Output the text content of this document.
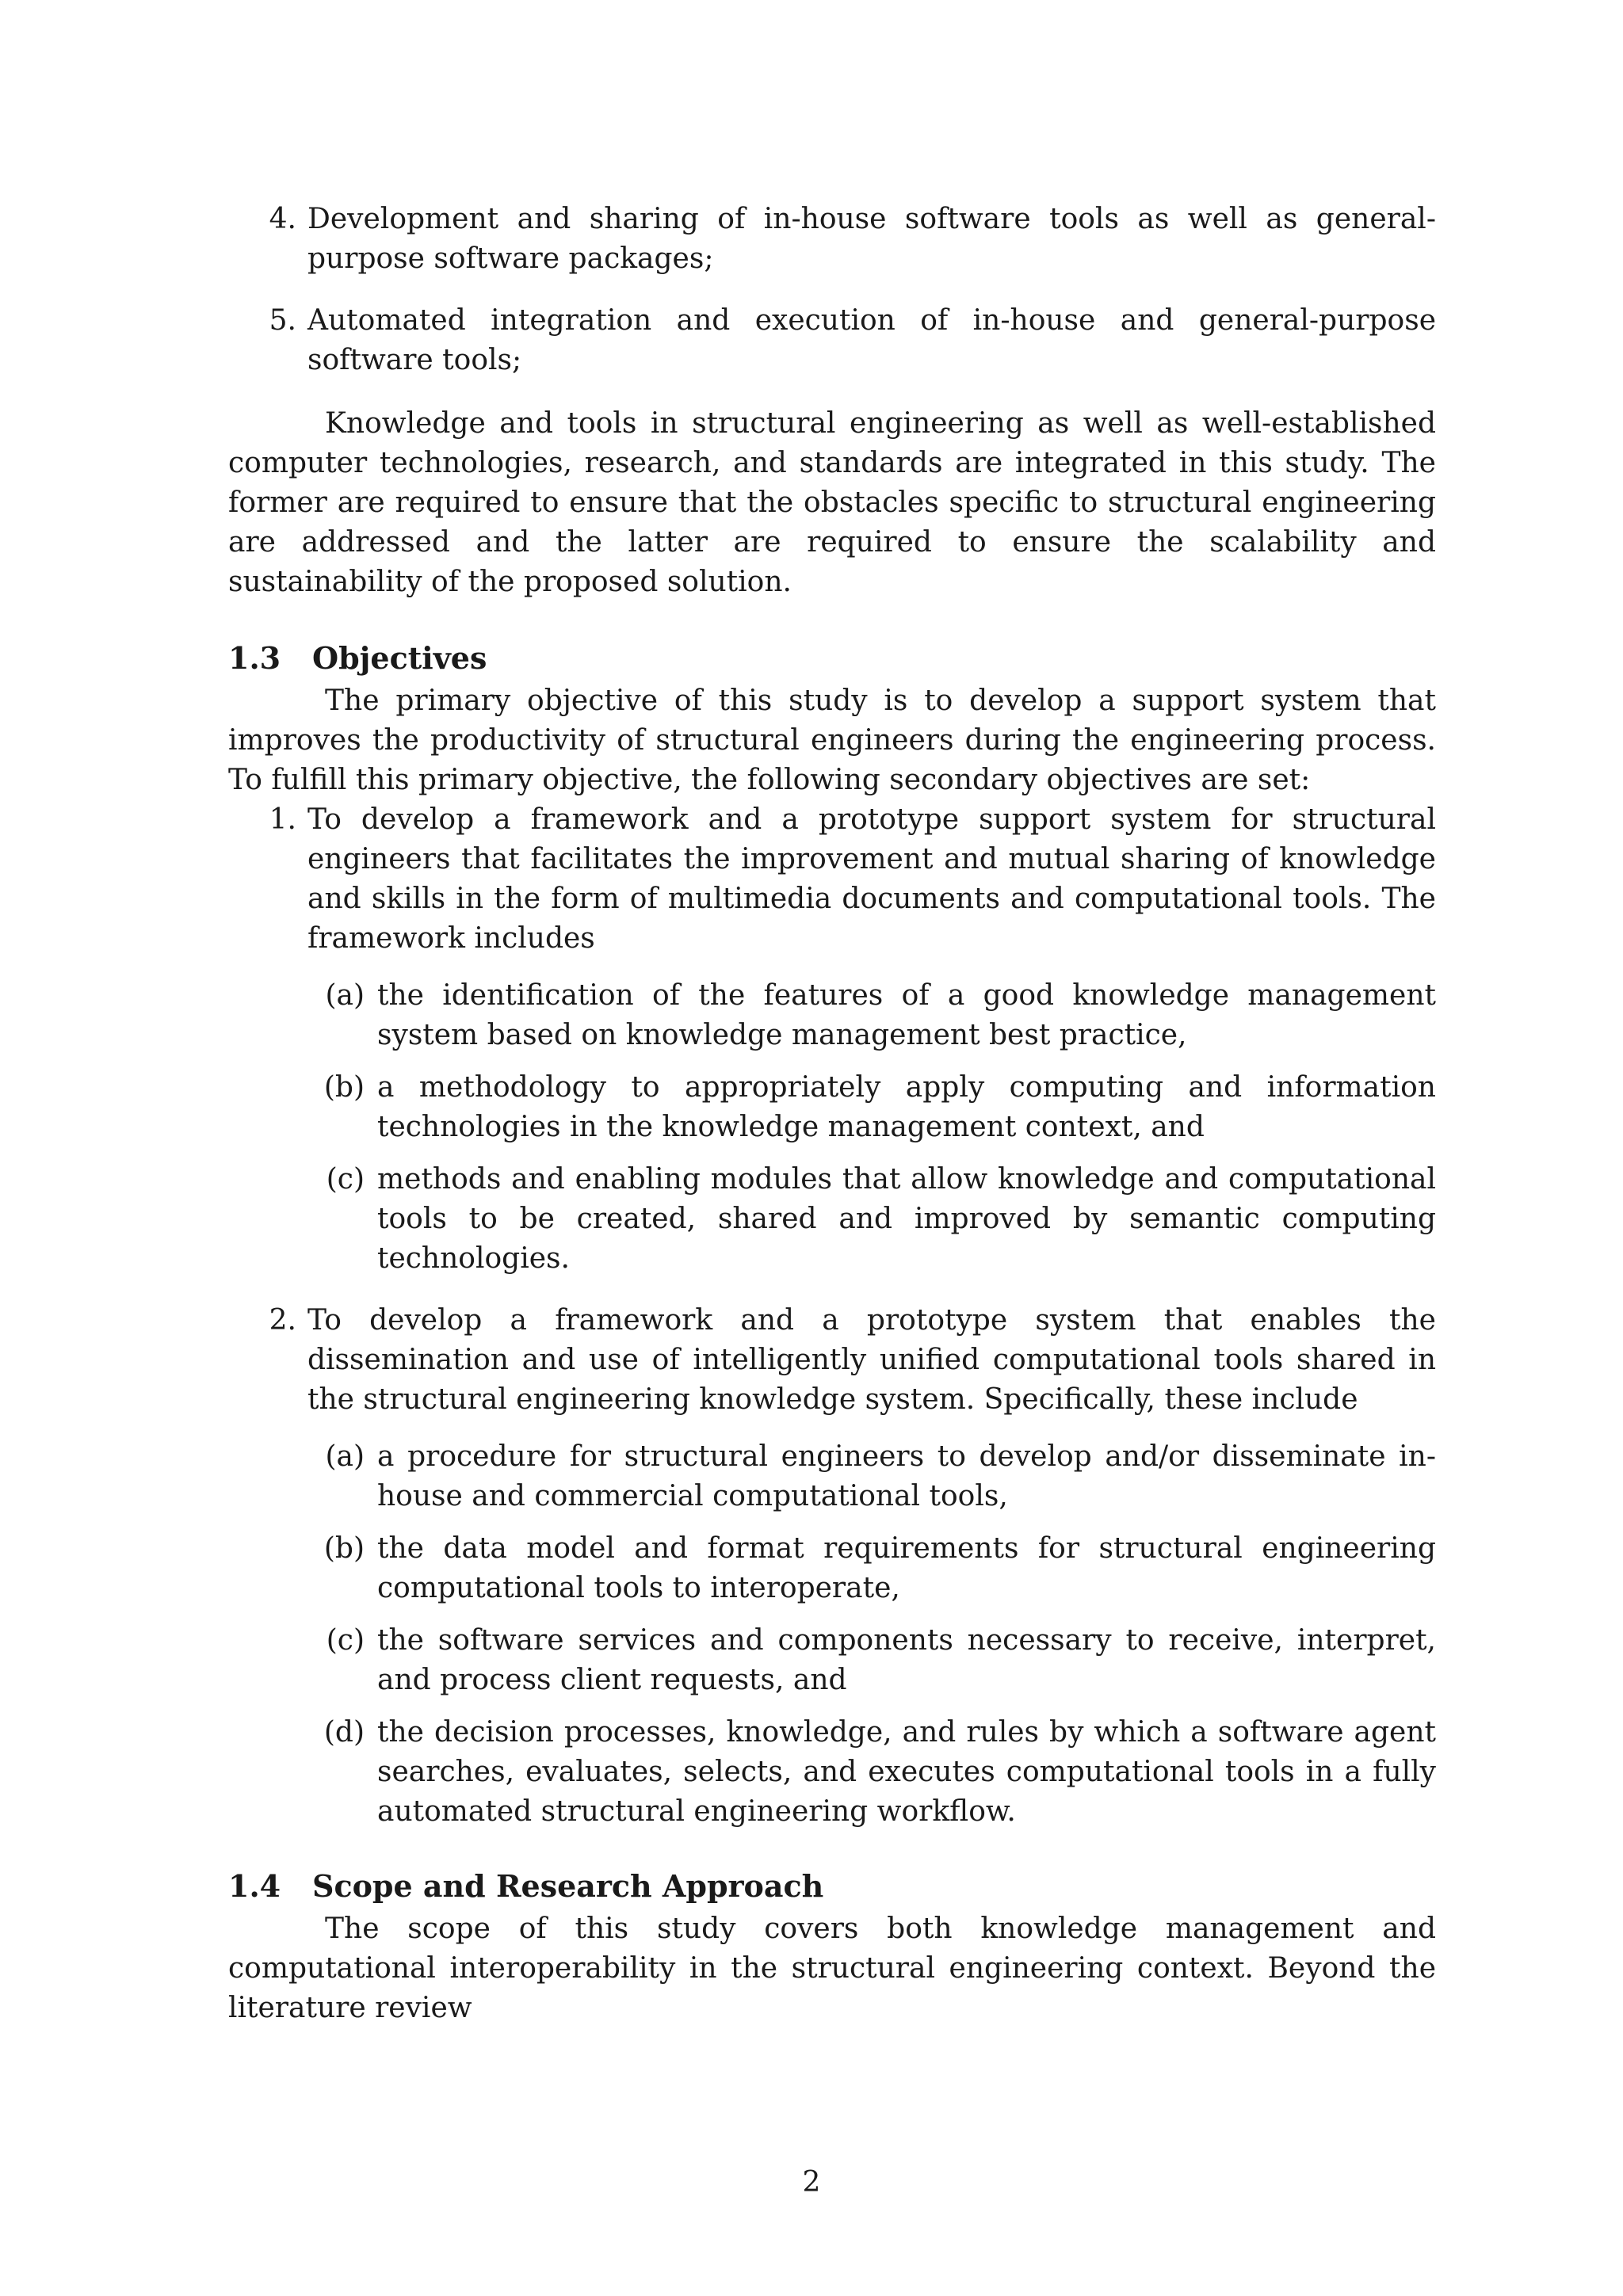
4. Development and sharing of in-house software tools as well as general-purpose software packages;
5. Automated integration and execution of in-house and general-purpose software tools;

Knowledge and tools in structural engineering as well as well-established computer technologies, research, and standards are integrated in this study. The former are required to ensure that the obstacles specific to structural engineering are addressed and the latter are required to ensure the scalability and sustainability of the proposed solution.

1.3 Objectives

The primary objective of this study is to develop a support system that improves the productivity of structural engineers during the engineering process. To fulfill this primary objective, the following secondary objectives are set:

1. To develop a framework and a prototype support system for structural engineers that facilitates the improvement and mutual sharing of knowledge and skills in the form of multimedia documents and computational tools. The framework includes
(a) the identification of the features of a good knowledge management system based on knowledge management best practice,
(b) a methodology to appropriately apply computing and information technologies in the knowledge management context, and
(c) methods and enabling modules that allow knowledge and computational tools to be created, shared and improved by semantic computing technologies.
2. To develop a framework and a prototype system that enables the dissemination and use of intelligently unified computational tools shared in the structural engineering knowledge system. Specifically, these include
(a) a procedure for structural engineers to develop and/or disseminate in-house and commercial computational tools,
(b) the data model and format requirements for structural engineering computational tools to interoperate,
(c) the software services and components necessary to receive, interpret, and process client requests, and
(d) the decision processes, knowledge, and rules by which a software agent searches, evaluates, selects, and executes computational tools in a fully automated structural engineering workflow.
1.4 Scope and Research Approach

The scope of this study covers both knowledge management and computational interoperability in the structural engineering context. Beyond the literature review

2
